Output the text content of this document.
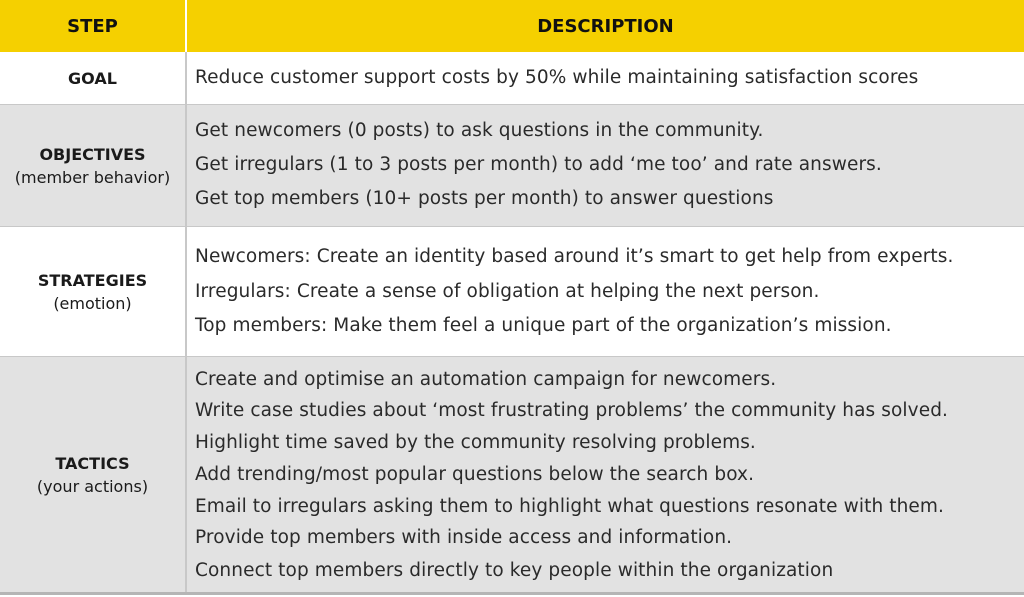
STEP	DESCRIPTION
GOAL	Reduce customer support costs by 50% while maintaining satisfaction scores
OBJECTIVES
(member behavior)
Get newcomers (0 posts) to ask questions in the community.
Get irregulars (1 to 3 posts per month) to add ‘me too’ and rate answers.
Get top members (10+ posts per month) to answer questions
STRATEGIES
(emotion)
Newcomers: Create an identity based around it’s smart to get help from experts.
Irregulars: Create a sense of obligation at helping the next person.
Top members: Make them feel a unique part of the organization’s mission.
TACTICS
(your actions)
Create and optimise an automation campaign for newcomers.
Write case studies about ‘most frustrating problems’ the community has solved.
Highlight time saved by the community resolving problems.
Add trending/most popular questions below the search box.
Email to irregulars asking them to highlight what questions resonate with them.
Provide top members with inside access and information.
Connect top members directly to key people within the organization
